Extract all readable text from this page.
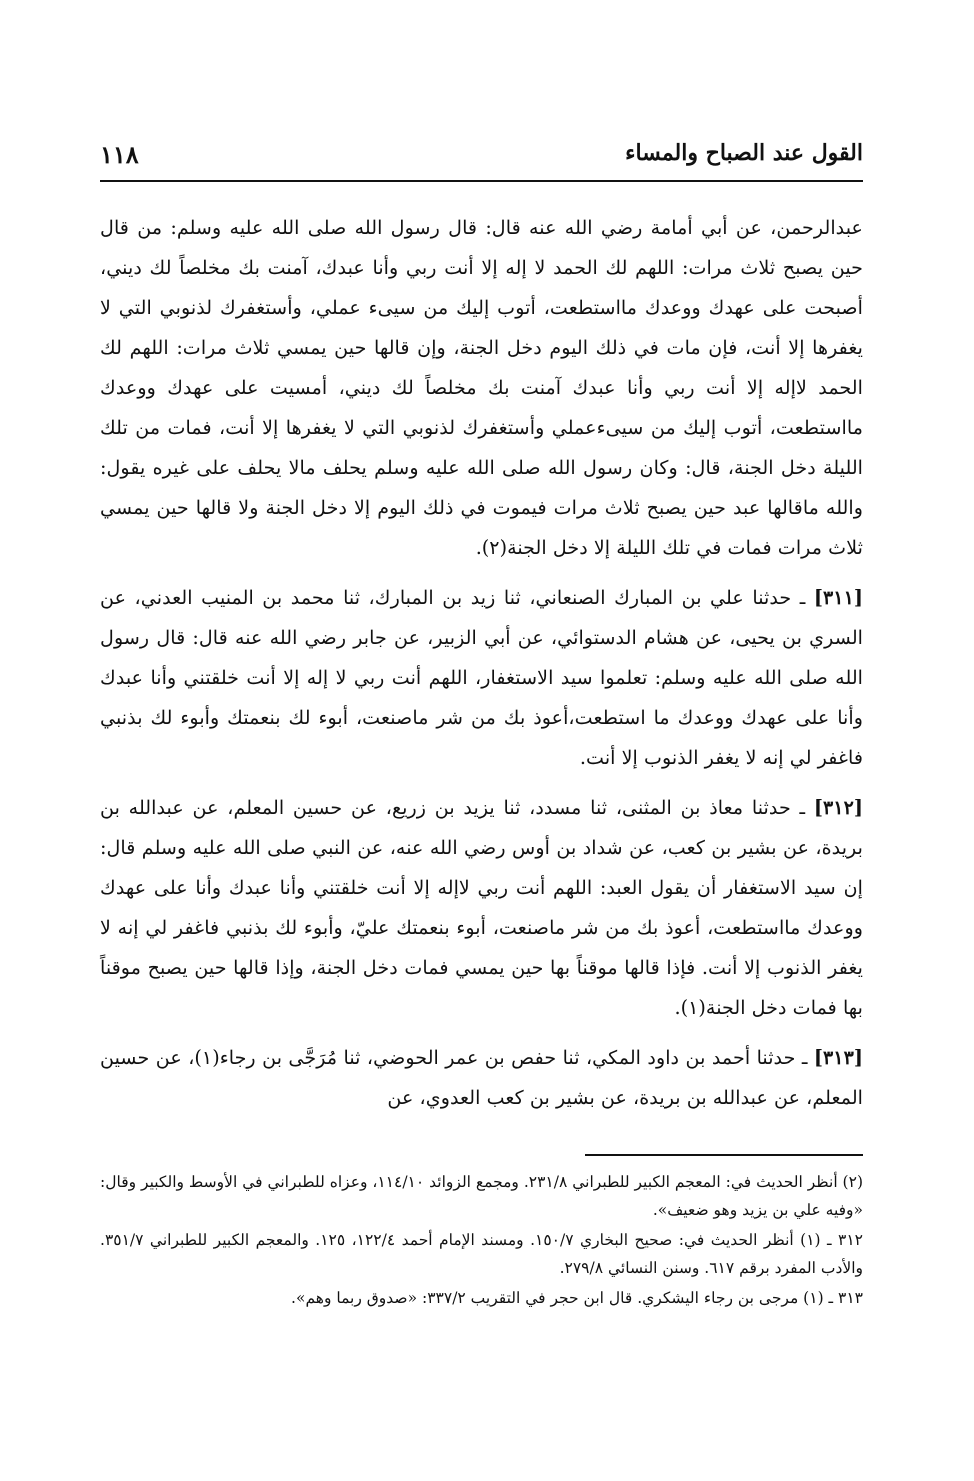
القول عند الصباح والمساء
١١٨

عبدالرحمن، عن أبي أمامة رضي الله عنه قال: قال رسول الله صلى الله عليه وسلم: من قال حين يصبح ثلاث مرات: اللهم لك الحمد لا إله إلا أنت ربي وأنا عبدك، آمنت بك مخلصاً لك ديني، أصبحت على عهدك ووعدك مااستطعت، أتوب إليك من سيىء عملي، وأستغفرك لذنوبي التي لا يغفرها إلا أنت، فإن مات في ذلك اليوم دخل الجنة، وإن قالها حين يمسي ثلاث مرات: اللهم لك الحمد لاإله إلا أنت ربي وأنا عبدك آمنت بك مخلصاً لك ديني، أمسيت على عهدك ووعدك مااستطعت، أتوب إليك من سيىءعملي وأستغفرك لذنوبي التي لا يغفرها إلا أنت، فمات من تلك الليلة دخل الجنة، قال: وكان رسول الله صلى الله عليه وسلم يحلف مالا يحلف على غيره يقول: والله ماقالها عبد حين يصبح ثلاث مرات فيموت في ذلك اليوم إلا دخل الجنة ولا قالها حين يمسي ثلاث مرات فمات في تلك الليلة إلا دخل الجنة(٢).

[٣١١] ـ حدثنا علي بن المبارك الصنعاني، ثنا زيد بن المبارك، ثنا محمد بن المنيب العدني، عن السري بن يحيى، عن هشام الدستوائي، عن أبي الزبير، عن جابر رضي الله عنه قال: قال رسول الله صلى الله عليه وسلم: تعلموا سيد الاستغفار، اللهم أنت ربي لا إله إلا أنت خلقتني وأنا عبدك وأنا على عهدك ووعدك ما استطعت،أعوذ بك من شر ماصنعت، أبوء لك بنعمتك وأبوء لك بذنبي فاغفر لي إنه لا يغفر الذنوب إلا أنت.

[٣١٢] ـ حدثنا معاذ بن المثنى، ثنا مسدد، ثنا يزيد بن زريع، عن حسين المعلم، عن عبدالله بن بريدة، عن بشير بن كعب، عن شداد بن أوس رضي الله عنه، عن النبي صلى الله عليه وسلم قال: إن سيد الاستغفار أن يقول العبد: اللهم أنت ربي لاإله إلا أنت خلقتني وأنا عبدك وأنا على عهدك ووعدك مااستطعت، أعوذ بك من شر ماصنعت، أبوء بنعمتك عليّ، وأبوء لك بذنبي فاغفر لي إنه لا يغفر الذنوب إلا أنت. فإذا قالها موقناً بها حين يمسي فمات دخل الجنة، وإذا قالها حين يصبح موقناً بها فمات دخل الجنة(١).

[٣١٣] ـ حدثنا أحمد بن داود المكي، ثنا حفص بن عمر الحوضي، ثنا مُرَجَّى بن رجاء(١)، عن حسين المعلم، عن عبدالله بن بريدة، عن بشير بن كعب العدوي، عن

(٢) أنظر الحديث في: المعجم الكبير للطبراني ٢٣١/٨. ومجمع الزوائد ١١٤/١٠، وعزاه للطبراني في الأوسط والكبير وقال: «وفيه علي بن يزيد وهو ضعيف».

٣١٢ ـ (١) أنظر الحديث في: صحيح البخاري ١٥٠/٧. ومسند الإمام أحمد ١٢٢/٤، ١٢٥. والمعجم الكبير للطبراني ٣٥١/٧. والأدب المفرد برقم ٦١٧. وسنن النسائي ٢٧٩/٨.

٣١٣ ـ (١) مرجى بن رجاء اليشكري. قال ابن حجر في التقريب ٣٣٧/٢: «صدوق ربما وهم».
